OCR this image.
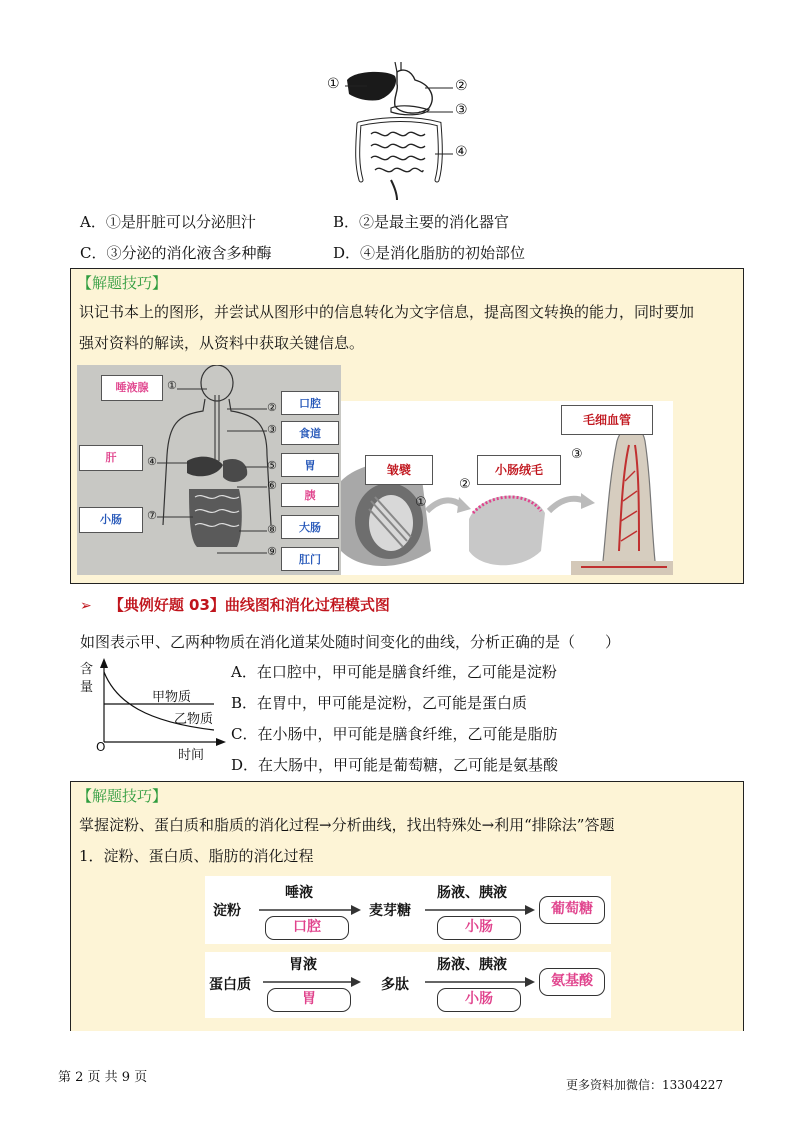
①	②
③
④
A．①是肝脏可以分泌胆汁	B．②是最主要的消化器官
C．③分泌的消化液含多种酶	D．④是消化脂肪的初始部位
【解题技巧】
识记书本上的图形，并尝试从图形中的信息转化为文字信息，提高图文转换的能力，同时要加
强对资料的解读，从资料中获取关键信息。
①
②
③
④	⑤
⑥
⑦
⑧
⑨
唾液腺
肝
小肠
口腔
食道
胃
胰
大肠
肛门
皱襞	小肠绒毛
毛细血管
①
②
③
➢ 【典例好题 03】曲线图和消化过程模式图
如图表示甲、乙两种物质在消化道某处随时间变化的曲线，分析正确的是（　　）
含
量
O
时间
甲物质
乙物质
A．在口腔中，甲可能是膳食纤维，乙可能是淀粉
B．在胃中，甲可能是淀粉，乙可能是蛋白质
C．在小肠中，甲可能是膳食纤维，乙可能是脂肪
D．在大肠中，甲可能是葡萄糖，乙可能是氨基酸
【解题技巧】
掌握淀粉、蛋白质和脂质的消化过程→分析曲线，找出特殊处→利用“排除法”答题
1．淀粉、蛋白质、脂肪的消化过程
淀粉
唾液
口腔
麦芽糖
肠液、胰液
小肠
葡萄糖
蛋白质
胃液
胃
多肽
肠液、胰液
小肠
氨基酸
第 2 页 共 9 页	更多资料加微信：13304227
